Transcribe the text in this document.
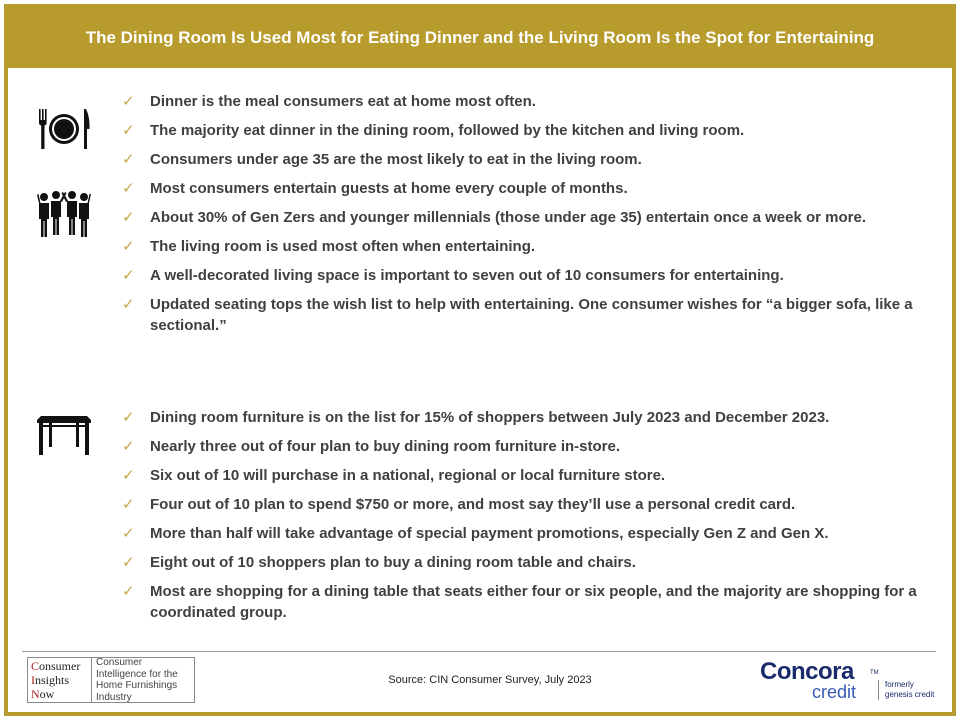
The Dining Room Is Used Most for Eating Dinner and the Living Room Is the Spot for Entertaining
✓ Dinner is the meal consumers eat at home most often.
✓ The majority eat dinner in the dining room, followed by the kitchen and living room.
✓ Consumers under age 35 are the most likely to eat in the living room.
✓ Most consumers entertain guests at home every couple of months.
✓ About 30% of Gen Zers and younger millennials (those under age 35) entertain once a week or more.
✓ The living room is used most often when entertaining.
✓ A well-decorated living space is important to seven out of 10 consumers for entertaining.
✓ Updated seating tops the wish list to help with entertaining. One consumer wishes for “a bigger sofa, like a sectional.”
✓ Dining room furniture is on the list for 15% of shoppers between July 2023 and December 2023.
✓ Nearly three out of four plan to buy dining room furniture in-store.
✓ Six out of 10 will purchase in a national, regional or local furniture store.
✓ Four out of 10 plan to spend $750 or more, and most say they’ll use a personal credit card.
✓ More than half will take advantage of special payment promotions, especially Gen Z and Gen X.
✓ Eight out of 10 shoppers plan to buy a dining room table and chairs.
✓ Most are shopping for a dining table that seats either four or six people, and the majority are shopping for a coordinated group.
Consumer
Insights
Now
Consumer Intelligence for the Home Furnishings Industry
Source: CIN Consumer Survey, July 2023	Concora	TM
credit	formerly genesis credit
